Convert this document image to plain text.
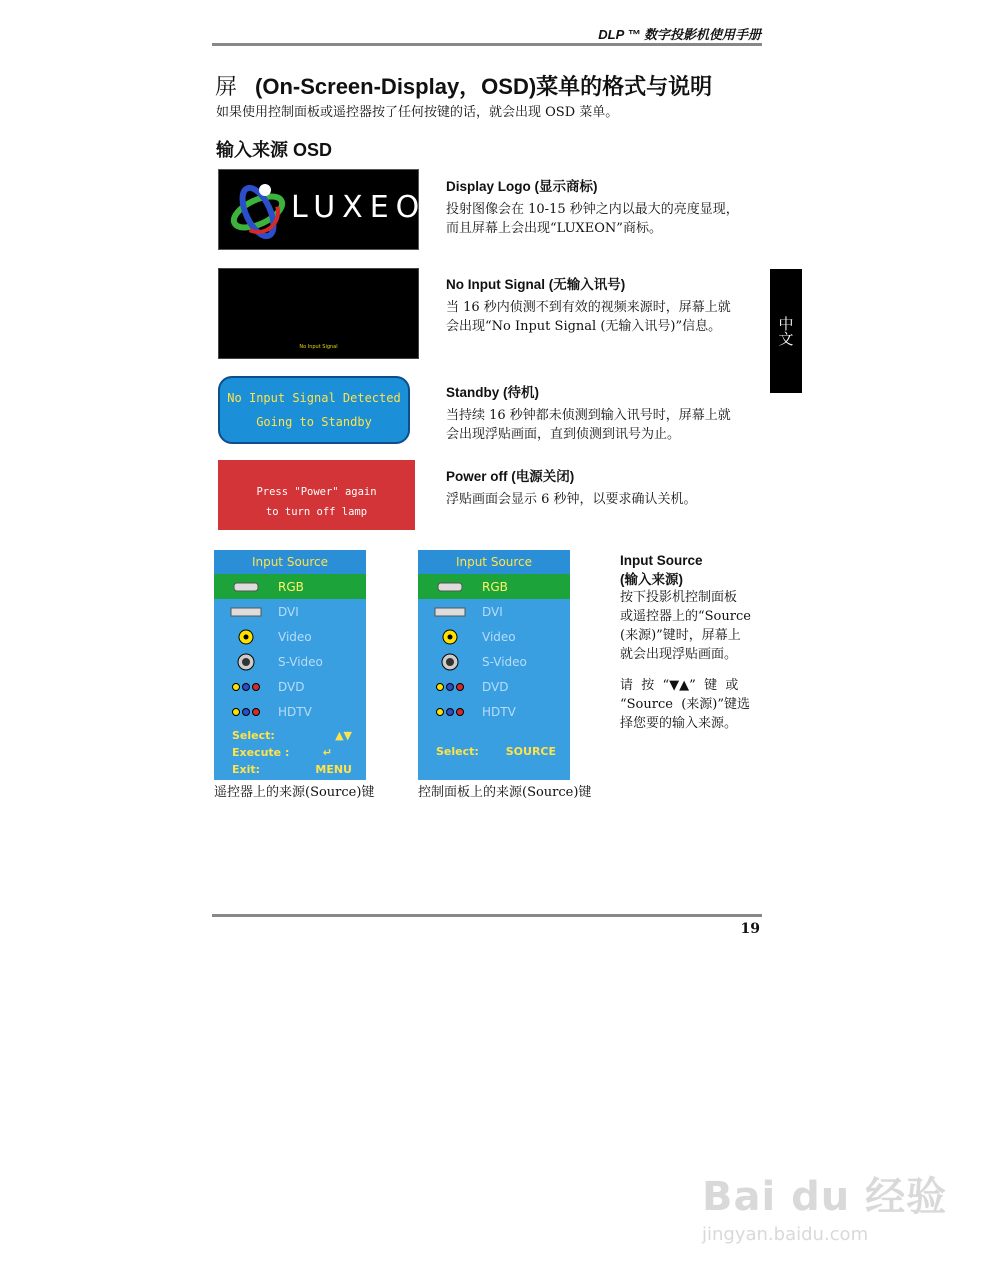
DLP ™ 数字投影机使用手册
屏 (On-Screen-Display，OSD)菜单的格式与说明
如果使用控制面板或遥控器按了任何按键的话，就会出现 OSD 菜单。
输入来源 OSD
LUXEON
No Input Signal
No Input Signal Detected
Going to Standby
Press "Power" again
to turn off lamp
Display Logo (显示商标)
投射图像会在 10-15 秒钟之内以最大的亮度显现，
而且屏幕上会出现“LUXEON”商标。
No Input Signal (无输入讯号)
当 16 秒内侦测不到有效的视频来源时，屏幕上就
会出现“No Input Signal (无输入讯号)”信息。
Standby (待机)
当持续 16 秒钟都未侦测到输入讯号时，屏幕上就
会出现浮贴画面，直到侦测到讯号为止。
Power off (电源关闭)
浮贴画面会显示 6 秒钟，以要求确认关机。
Input Source
RGB
DVI
Video
S-Video
DVD
HDTV
Select:	▲▼
Execute :	↵
Exit:	MENU
遥控器上的来源(Source)键
Input Source
RGB
DVI
Video
S-Video
DVD
HDTV
Select: SOURCE
控制面板上的来源(Source)键
Input Source
(输入来源)
按下投影机控制面板
或遥控器上的“Source
(来源)”键时，屏幕上
就会出现浮贴画面。
请  按  “▼▲”  键  或
“Source  (来源)”键选
择您要的输入来源。
中文
19
Bai du 经验
jingyan.baidu.com
